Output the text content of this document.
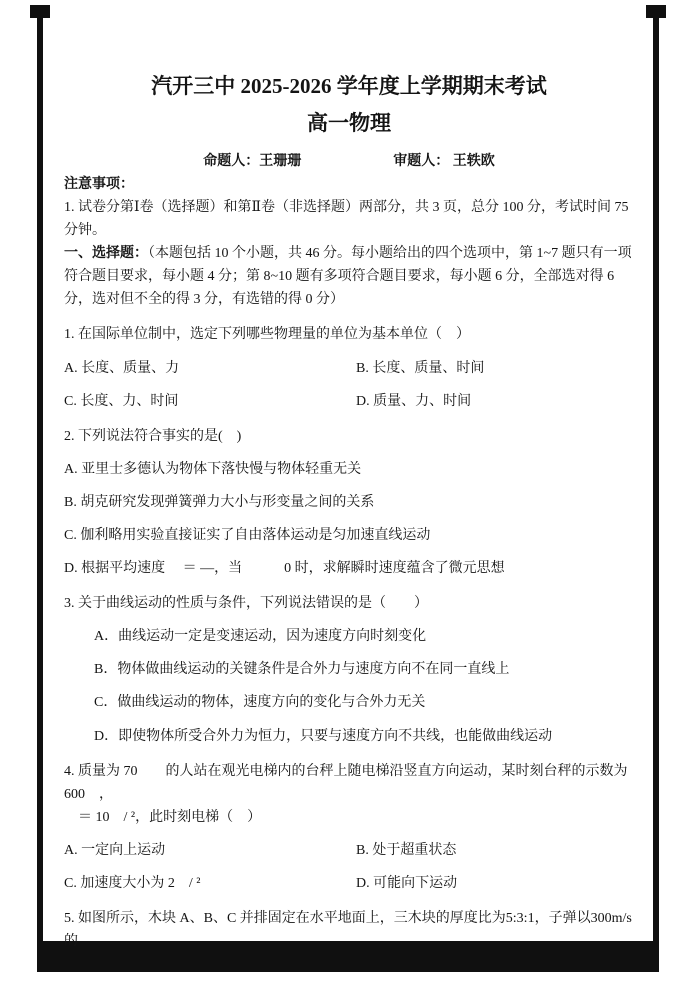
汽开三中 2025-2026 学年度上学期期末考试
高一物理
命题人：王珊珊	审题人： 王轶欧

注意事项：

1. 试卷分第Ⅰ卷（选择题）和第Ⅱ卷（非选择题）两部分，共 3 页，总分 100 分，考试时间 75 分钟。

一、选择题：（本题包括 10 个小题，共 46 分。每小题给出的四个选项中，第 1~7 题只有一项符合题目要求，每小题 4 分；第 8~10 题有多项符合题目要求，每小题 6 分，全部选对得 6 分，选对但不全的得 3 分，有选错的得 0 分）

1. 在国际单位制中，选定下列哪些物理量的单位为基本单位（　）

A. 长度、质量、力	B. 长度、质量、时间
C. 长度、力、时间	D. 质量、力、时间

2. 下列说法符合事实的是(　)

A. 亚里士多德认为物体下落快慢与物体轻重无关
B. 胡克研究发现弹簧弹力大小与形变量之间的关系
C. 伽利略用实验直接证实了自由落体运动是匀加速直线运动
D. 根据平均速度　 ＝ —，当　　　0 时，求解瞬时速度蕴含了微元思想

3. 关于曲线运动的性质与条件，下列说法错误的是（　　）

A．曲线运动一定是变速运动，因为速度方向时刻变化
B．物体做曲线运动的关键条件是合外力与速度方向不在同一直线上
C．做曲线运动的物体，速度方向的变化与合外力无关
D．即使物体所受合外力为恒力，只要与速度方向不共线，也能做曲线运动

4. 质量为 70　　的人站在观光电梯内的台秤上随电梯沿竖直方向运动，某时刻台秤的示数为 600　，

　＝ 10　/ ²，此时刻电梯（　）

A. 一定向上运动	B. 处于超重状态
C. 加速度大小为 2　/ ²	D. 可能向下运动

5. 如图所示，木块 A、B、C 并排固定在水平地面上，三木块的厚度比为5:3:1，子弹以300m/s的
